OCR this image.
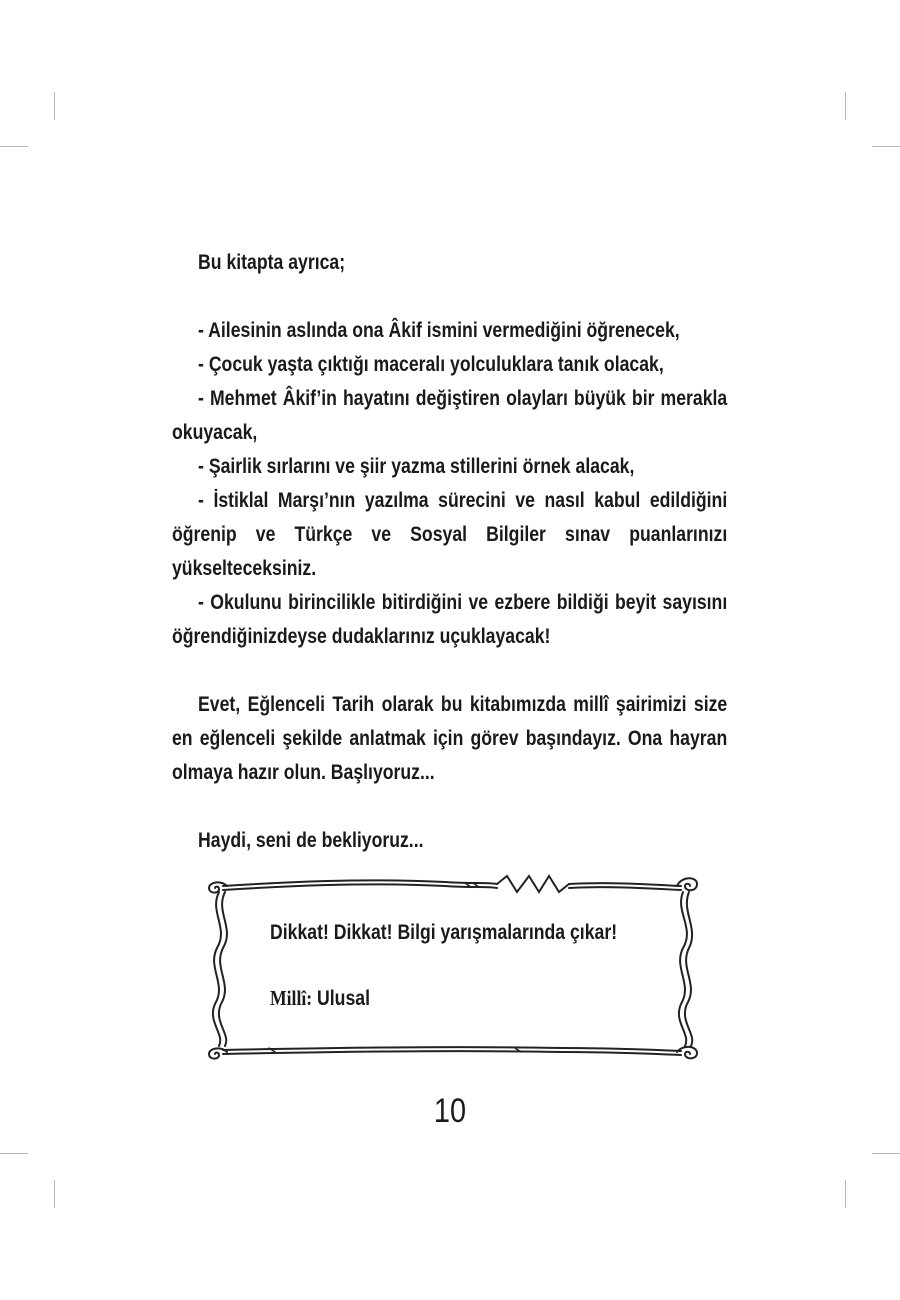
Bu kitapta ayrıca;

- Ailesinin aslında ona Âkif ismini vermediğini öğrenecek,

- Çocuk yaşta çıktığı maceralı yolculuklara tanık olacak,

- Mehmet Âkif’in hayatını değiştiren olayları büyük bir merakla okuyacak,

- Şairlik sırlarını ve şiir yazma stillerini örnek alacak,

- İstiklal Marşı’nın yazılma sürecini ve nasıl kabul edildiğini öğrenip ve Türkçe ve Sosyal Bilgiler sınav puanlarınızı yükselteceksiniz.

- Okulunu birincilikle bitirdiğini ve ezbere bildiği beyit sayısını öğrendiğinizdeyse dudaklarınız uçuklayacak!

Evet, Eğlenceli Tarih olarak bu kitabımızda millî şairimizi size en eğlenceli şekilde anlatmak için görev başındayız. Ona hayran olmaya hazır olun. Başlıyoruz...

Haydi, seni de bekliyoruz...

Dikkat! Dikkat! Bilgi yarışmalarında çıkar!
Millî: Ulusal
10
